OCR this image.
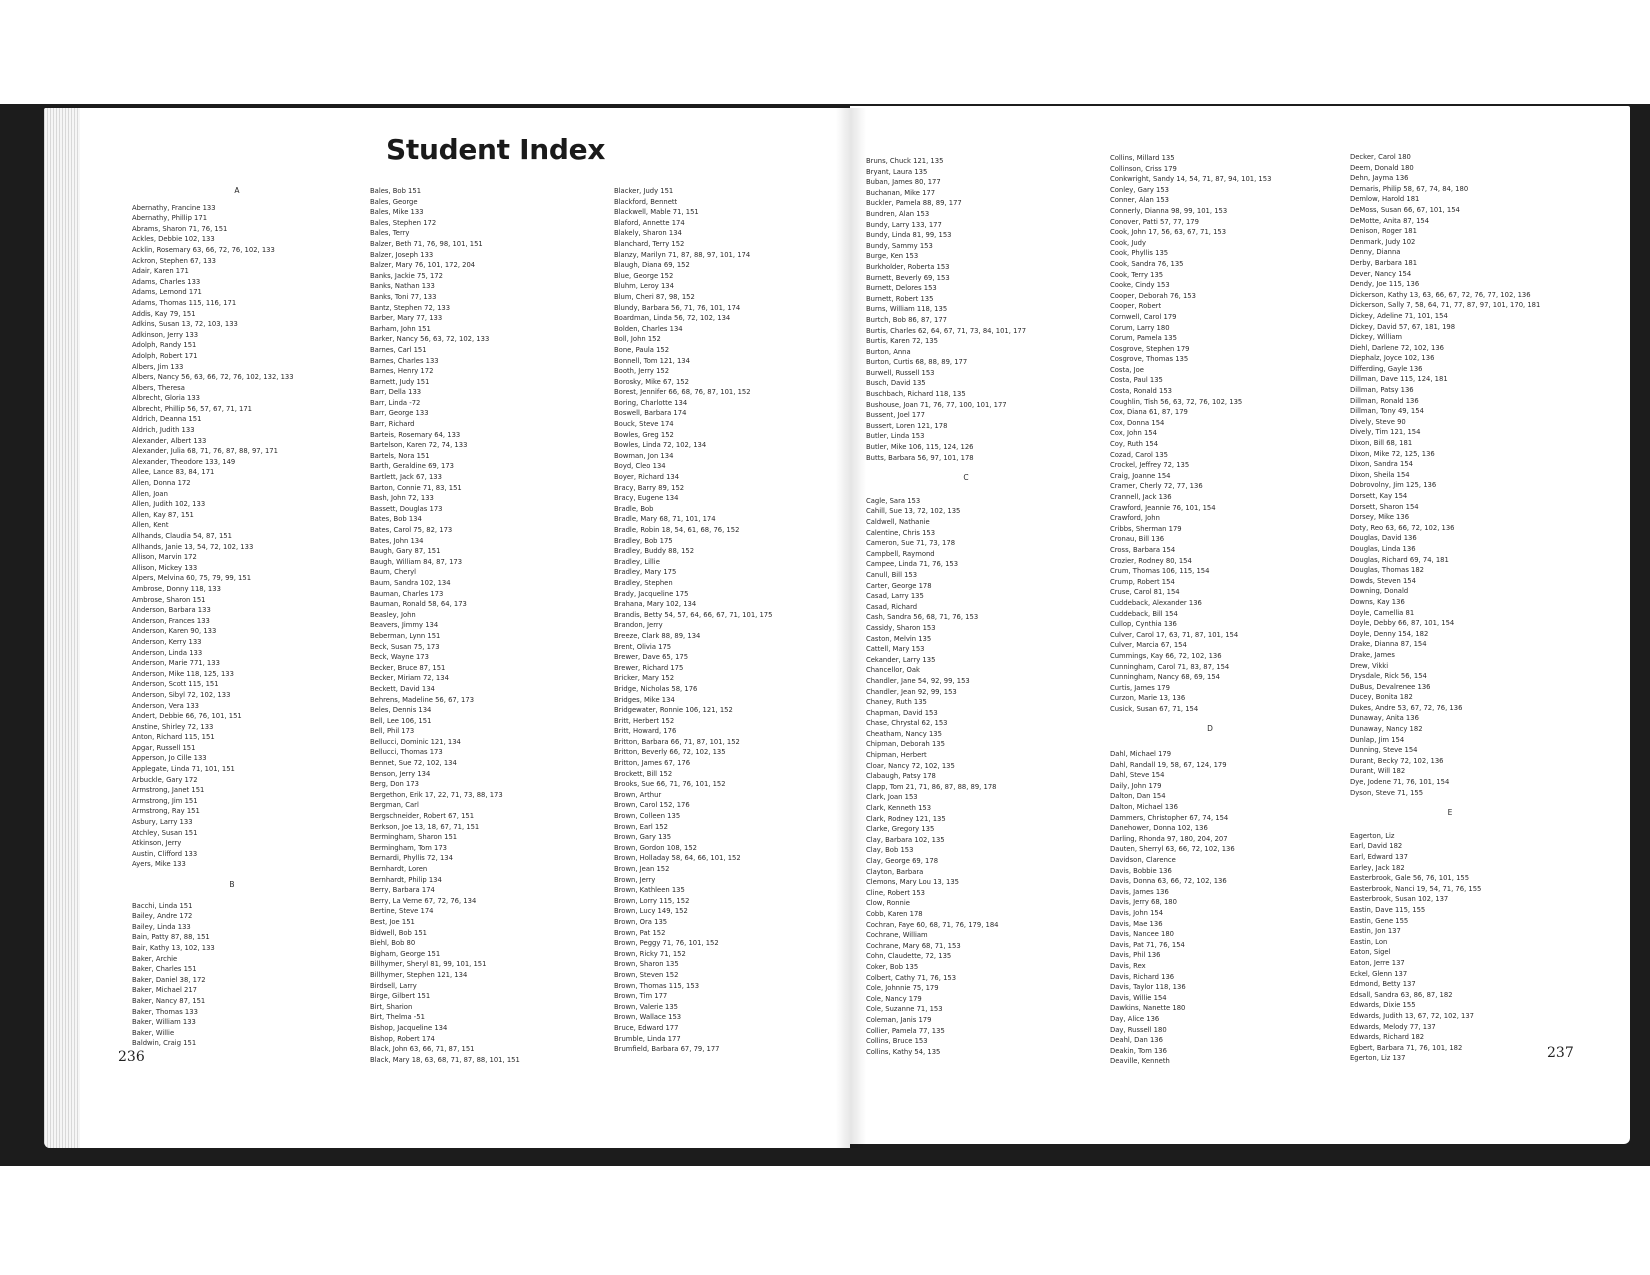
236	237
Student Index
A
Abernathy, Francine 133
Abernathy, Phillip 171
Abrams, Sharon 71, 76, 151
Ackles, Debbie 102, 133
Acklin, Rosemary 63, 66, 72, 76, 102, 133
Ackron, Stephen 67, 133
Adair, Karen 171
Adams, Charles 133
Adams, Lemond 171
Adams, Thomas 115, 116, 171
Addis, Kay 79, 151
Adkins, Susan 13, 72, 103, 133
Adkinson, Jerry 133
Adolph, Randy 151
Adolph, Robert 171
Albers, Jim 133
Albers, Nancy 56, 63, 66, 72, 76, 102, 132, 133
Albers, Theresa
Albrecht, Gloria 133
Albrecht, Phillip 56, 57, 67, 71, 171
Aldrich, Deanna 151
Aldrich, Judith 133
Alexander, Albert 133
Alexander, Julia 68, 71, 76, 87, 88, 97, 171
Alexander, Theodore 133, 149
Allee, Lance 83, 84, 171
Allen, Donna 172
Allen, Joan
Allen, Judith 102, 133
Allen, Kay 87, 151
Allen, Kent
Allhands, Claudia 54, 87, 151
Allhands, Janie 13, 54, 72, 102, 133
Allison, Marvin 172
Allison, Mickey 133
Alpers, Melvina 60, 75, 79, 99, 151
Ambrose, Donny 118, 133
Ambrose, Sharon 151
Anderson, Barbara 133
Anderson, Frances 133
Anderson, Karen 90, 133
Anderson, Kerry 133
Anderson, Linda 133
Anderson, Marie 771, 133
Anderson, Mike 118, 125, 133
Anderson, Scott 115, 151
Anderson, Sibyl 72, 102, 133
Anderson, Vera 133
Andert, Debbie 66, 76, 101, 151
Anstine, Shirley 72, 133
Anton, Richard 115, 151
Apgar, Russell 151
Apperson, Jo Cille 133
Applegate, Linda 71, 101, 151
Arbuckle, Gary 172
Armstrong, Janet 151
Armstrong, Jim 151
Armstrong, Ray 151
Asbury, Larry 133
Atchley, Susan 151
Atkinson, Jerry
Austin, Clifford 133
Ayers, Mike 133
B
Bacchi, Linda 151
Bailey, Andre 172
Bailey, Linda 133
Bain, Patty 87, 88, 151
Bair, Kathy 13, 102, 133
Baker, Archie
Baker, Charles 151
Baker, Daniel 38, 172
Baker, Michael 217
Baker, Nancy 87, 151
Baker, Thomas 133
Baker, William 133
Baker, Willie
Baldwin, Craig 151
Bales, Bob 151
Bales, George
Bales, Mike 133
Bales, Stephen 172
Bales, Terry
Balzer, Beth 71, 76, 98, 101, 151
Balzer, Joseph 133
Balzer, Mary 76, 101, 172, 204
Banks, Jackie 75, 172
Banks, Nathan 133
Banks, Toni 77, 133
Bantz, Stephen 72, 133
Barber, Mary 77, 133
Barham, John 151
Barker, Nancy 56, 63, 72, 102, 133
Barnes, Carl 151
Barnes, Charles 133
Barnes, Henry 172
Barnett, Judy 151
Barr, Della 133
Barr, Linda -72
Barr, George 133
Barr, Richard
Barteis, Rosemary 64, 133
Bartelson, Karen 72, 74, 133
Bartels, Nora 151
Barth, Geraldine 69, 173
Bartlett, Jack 67, 133
Barton, Connie 71, 83, 151
Bash, John 72, 133
Bassett, Douglas 173
Bates, Bob 134
Bates, Carol 75, 82, 173
Bates, John 134
Baugh, Gary 87, 151
Baugh, William 84, 87, 173
Baum, Cheryl
Baum, Sandra 102, 134
Bauman, Charles 173
Bauman, Ronald 58, 64, 173
Beasley, John
Beavers, Jimmy 134
Beberman, Lynn 151
Beck, Susan 75, 173
Beck, Wayne 173
Becker, Bruce 87, 151
Becker, Miriam 72, 134
Beckett, David 134
Behrens, Madeline 56, 67, 173
Beles, Dennis 134
Bell, Lee 106, 151
Bell, Phil 173
Bellucci, Dominic 121, 134
Bellucci, Thomas 173
Bennet, Sue 72, 102, 134
Benson, Jerry 134
Berg, Don 173
Bergethon, Erik 17, 22, 71, 73, 88, 173
Bergman, Carl
Bergschneider, Robert 67, 151
Berkson, Joe 13, 18, 67, 71, 151
Bermingham, Sharon 151
Bermingham, Tom 173
Bernardi, Phyllis 72, 134
Bernhardt, Loren
Bernhardt, Philip 134
Berry, Barbara 174
Berry, La Verne 67, 72, 76, 134
Bertine, Steve 174
Best, Joe 151
Bidwell, Bob 151
Biehl, Bob 80
Bigham, George 151
Billhymer, Sheryl 81, 99, 101, 151
Billhymer, Stephen 121, 134
Birdsell, Larry
Birge, Gilbert 151
Birt, Sharion
Birt, Thelma -51
Bishop, Jacqueline 134
Bishop, Robert 174
Black, John 63, 66, 71, 87, 151
Black, Mary 18, 63, 68, 71, 87, 88, 101, 151
Blacker, Judy 151
Blackford, Bennett
Blackwell, Mable 71, 151
Blaford, Annette 174
Blakely, Sharon 134
Blanchard, Terry 152
Blanzy, Marilyn 71, 87, 88, 97, 101, 174
Blaugh, Diana 69, 152
Blue, George 152
Bluhm, Leroy 134
Blum, Cheri 87, 98, 152
Blundy, Barbara 56, 71, 76, 101, 174
Boardman, Linda 56, 72, 102, 134
Bolden, Charles 134
Boll, John 152
Bone, Paula 152
Bonnell, Tom 121, 134
Booth, Jerry 152
Borosky, Mike 67, 152
Borest, Jennifer 66, 68, 76, 87, 101, 152
Boring, Charlotte 134
Boswell, Barbara 174
Bouck, Steve 174
Bowles, Greg 152
Bowles, Linda 72, 102, 134
Bowman, Jon 134
Boyd, Cleo 134
Boyer, Richard 134
Bracy, Barry 89, 152
Bracy, Eugene 134
Bradle, Bob
Bradle, Mary 68, 71, 101, 174
Bradle, Robin 18, 54, 61, 68, 76, 152
Bradley, Bob 175
Bradley, Buddy 88, 152
Bradley, Lillie
Bradley, Mary 175
Bradley, Stephen
Brady, Jacqueline 175
Brahana, Mary 102, 134
Brandis, Betty 54, 57, 64, 66, 67, 71, 101, 175
Brandon, Jerry
Breeze, Clark 88, 89, 134
Brent, Olivia 175
Brewer, Dave 65, 175
Brewer, Richard 175
Bricker, Mary 152
Bridge, Nicholas 58, 176
Bridges, Mike 134
Bridgewater, Ronnie 106, 121, 152
Britt, Herbert 152
Britt, Howard, 176
Britton, Barbara 66, 71, 87, 101, 152
Britton, Beverly 66, 72, 102, 135
Britton, James 67, 176
Brockett, Bill 152
Brooks, Sue 66, 71, 76, 101, 152
Brown, Arthur
Brown, Carol 152, 176
Brown, Colleen 135
Brown, Earl 152
Brown, Gary 135
Brown, Gordon 108, 152
Brown, Holladay 58, 64, 66, 101, 152
Brown, Jean 152
Brown, Jerry
Brown, Kathleen 135
Brown, Lorry 115, 152
Brown, Lucy 149, 152
Brown, Ora 135
Brown, Pat 152
Brown, Peggy 71, 76, 101, 152
Brown, Ricky 71, 152
Brown, Sharon 135
Brown, Steven 152
Brown, Thomas 115, 153
Brown, Tim 177
Brown, Valerie 135
Brown, Wallace 153
Bruce, Edward 177
Brumble, Linda 177
Brumfield, Barbara 67, 79, 177
Bruns, Chuck 121, 135
Bryant, Laura 135
Buban, James 80, 177
Buchanan, Mike 177
Buckler, Pamela 88, 89, 177
Bundren, Alan 153
Bundy, Larry 133, 177
Bundy, Linda 81, 99, 153
Bundy, Sammy 153
Burge, Ken 153
Burkholder, Roberta 153
Burnett, Beverly 69, 153
Burnett, Delores 153
Burnett, Robert 135
Burns, William 118, 135
Burtch, Bob 86, 87, 177
Burtis, Charles 62, 64, 67, 71, 73, 84, 101, 177
Burtis, Karen 72, 135
Burton, Anna
Burton, Curtis 68, 88, 89, 177
Burwell, Russell 153
Busch, David 135
Buschbach, Richard 118, 135
Bushouse, Joan 71, 76, 77, 100, 101, 177
Bussent, Joel 177
Bussert, Loren 121, 178
Butler, Linda 153
Butler, Mike 106, 115, 124, 126
Butts, Barbara 56, 97, 101, 178
C
Cagle, Sara 153
Cahill, Sue 13, 72, 102, 135
Caldwell, Nathanie
Calentine, Chris 153
Cameron, Sue 71, 73, 178
Campbell, Raymond
Campee, Linda 71, 76, 153
Canull, Bill 153
Carter, George 178
Casad, Larry 135
Casad, Richard
Cash, Sandra 56, 68, 71, 76, 153
Cassidy, Sharon 153
Caston, Melvin 135
Cattell, Mary 153
Cekander, Larry 135
Chancellor, Oak
Chandler, Jane 54, 92, 99, 153
Chandler, Jean 92, 99, 153
Chaney, Ruth 135
Chapman, David 153
Chase, Chrystal 62, 153
Cheatham, Nancy 135
Chipman, Deborah 135
Chipman, Herbert
Cloar, Nancy 72, 102, 135
Clabaugh, Patsy 178
Clapp, Tom 21, 71, 86, 87, 88, 89, 178
Clark, Joan 153
Clark, Kenneth 153
Clark, Rodney 121, 135
Clarke, Gregory 135
Clay, Barbara 102, 135
Clay, Bob 153
Clay, George 69, 178
Clayton, Barbara
Clemons, Mary Lou 13, 135
Cline, Robert 153
Clow, Ronnie
Cobb, Karen 178
Cochran, Faye 60, 68, 71, 76, 179, 184
Cochrane, William
Cochrane, Mary 68, 71, 153
Cohn, Claudette, 72, 135
Coker, Bob 135
Colbert, Cathy 71, 76, 153
Cole, Johnnie 75, 179
Cole, Nancy 179
Cole, Suzanne 71, 153
Coleman, Janis 179
Collier, Pamela 77, 135
Collins, Bruce 153
Collins, Kathy 54, 135
Collins, Millard 135
Collinson, Criss 179
Conkwright, Sandy 14, 54, 71, 87, 94, 101, 153
Conley, Gary 153
Conner, Alan 153
Connerly, Dianna 98, 99, 101, 153
Conover, Patti 57, 77, 179
Cook, John 17, 56, 63, 67, 71, 153
Cook, Judy
Cook, Phyllis 135
Cook, Sandra 76, 135
Cook, Terry 135
Cooke, Cindy 153
Cooper, Deborah 76, 153
Cooper, Robert
Cornwell, Carol 179
Corum, Larry 180
Corum, Pamela 135
Cosgrove, Stephen 179
Cosgrove, Thomas 135
Costa, Joe
Costa, Paul 135
Costa, Ronald 153
Coughlin, Tish 56, 63, 72, 76, 102, 135
Cox, Diana 61, 87, 179
Cox, Donna 154
Cox, John 154
Coy, Ruth 154
Cozad, Carol 135
Crockel, Jeffrey 72, 135
Craig, Joanne 154
Cramer, Cherly 72, 77, 136
Crannell, Jack 136
Crawford, Jeannie 76, 101, 154
Crawford, John
Cribbs, Sherman 179
Cronau, Bill 136
Cross, Barbara 154
Crozier, Rodney 80, 154
Crum, Thomas 106, 115, 154
Crump, Robert 154
Cruse, Carol 81, 154
Cuddeback, Alexander 136
Cuddeback, Bill 154
Cullop, Cynthia 136
Culver, Carol 17, 63, 71, 87, 101, 154
Culver, Marcia 67, 154
Cummings, Kay 66, 72, 102, 136
Cunningham, Carol 71, 83, 87, 154
Cunningham, Nancy 68, 69, 154
Curtis, James 179
Curzon, Marie 13, 136
Cusick, Susan 67, 71, 154
D
Dahl, Michael 179
Dahl, Randall 19, 58, 67, 124, 179
Dahl, Steve 154
Daily, John 179
Dalton, Dan 154
Dalton, Michael 136
Dammers, Christopher 67, 74, 154
Danehower, Donna 102, 136
Darling, Rhonda 97, 180, 204, 207
Dauten, Sherryl 63, 66, 72, 102, 136
Davidson, Clarence
Davis, Bobbie 136
Davis, Donna 63, 66, 72, 102, 136
Davis, James 136
Davis, Jerry 68, 180
Davis, John 154
Davis, Mae 136
Davis, Nancee 180
Davis, Pat 71, 76, 154
Davis, Phil 136
Davis, Rex
Davis, Richard 136
Davis, Taylor 118, 136
Davis, Willie 154
Dawkins, Nanette 180
Day, Alice 136
Day, Russell 180
Deahl, Dan 136
Deakin, Tom 136
Deaville, Kenneth
Decker, Carol 180
Deem, Donald 180
Dehn, Jayma 136
Demaris, Philip 58, 67, 74, 84, 180
Demlow, Harold 181
DeMoss, Susan 66, 67, 101, 154
DeMotte, Anita 87, 154
Denison, Roger 181
Denmark, Judy 102
Denny, Dianna
Derby, Barbara 181
Dever, Nancy 154
Dendy, Joe 115, 136
Dickerson, Kathy 13, 63, 66, 67, 72, 76, 77, 102, 136
Dickerson, Sally 7, 58, 64, 71, 77, 87, 97, 101, 170, 181
Dickey, Adeline 71, 101, 154
Dickey, David 57, 67, 181, 198
Dickey, William
Diehl, Darlene 72, 102, 136
Diephalz, Joyce 102, 136
Differding, Gayle 136
Dillman, Dave 115, 124, 181
Dillman, Patsy 136
Dillman, Ronald 136
Dillman, Tony 49, 154
Dively, Steve 90
Dively, Tim 121, 154
Dixon, Bill 68, 181
Dixon, Mike 72, 125, 136
Dixon, Sandra 154
Dixon, Sheila 154
Dobrovolny, Jim 125, 136
Dorsett, Kay 154
Dorsett, Sharon 154
Dorsey, Mike 136
Doty, Reo 63, 66, 72, 102, 136
Douglas, David 136
Douglas, Linda 136
Douglas, Richard 69, 74, 181
Douglas, Thomas 182
Dowds, Steven 154
Downing, Donald
Downs, Kay 136
Doyle, Camellia 81
Doyle, Debby 66, 87, 101, 154
Doyle, Denny 154, 182
Drake, Dianna 87, 154
Drake, James
Drew, Vikki
Drysdale, Rick 56, 154
DuBus, Devalrenee 136
Ducey, Bonita 182
Dukes, Andre 53, 67, 72, 76, 136
Dunaway, Anita 136
Dunaway, Nancy 182
Dunlap, Jim 154
Dunning, Steve 154
Durant, Becky 72, 102, 136
Durant, Will 182
Dye, Jodene 71, 76, 101, 154
Dyson, Steve 71, 155
E
Eagerton, Liz
Earl, David 182
Earl, Edward 137
Earley, Jack 182
Easterbrook, Gale 56, 76, 101, 155
Easterbrook, Nanci 19, 54, 71, 76, 155
Easterbrook, Susan 102, 137
Eastin, Dave 115, 155
Eastin, Gene 155
Eastin, Jon 137
Eastin, Lon
Eaton, Sigel
Eaton, Jerre 137
Eckel, Glenn 137
Edmond, Betty 137
Edsall, Sandra 63, 86, 87, 182
Edwards, Dixie 155
Edwards, Judith 13, 67, 72, 102, 137
Edwards, Melody 77, 137
Edwards, Richard 182
Egbert, Barbara 71, 76, 101, 182
Egerton, Liz 137
